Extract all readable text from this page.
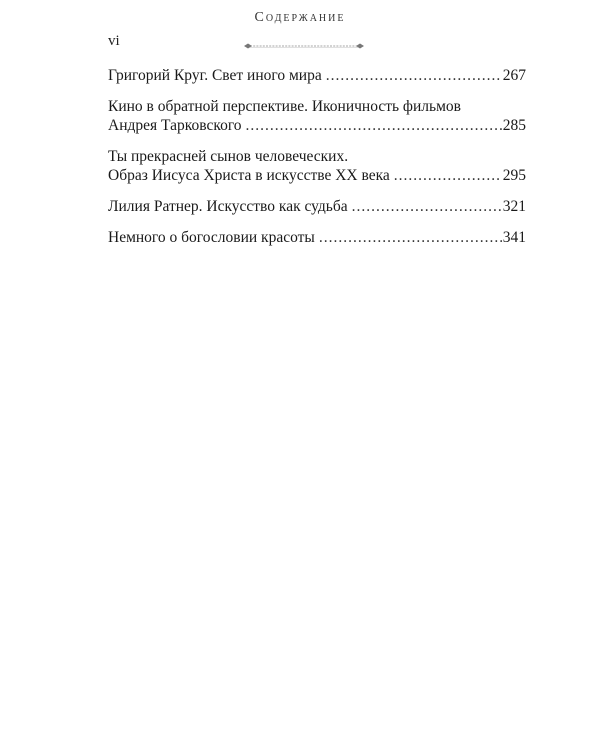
Содержание
vi
Григорий Круг. Свет иного мира .....	267
Кино в обратной перспективе. Иконичность фильмов
Андрея Тарковского .....	285
Ты прекрасней сынов человеческих.
Образ Иисуса Христа в искусстве ХХ века .....	295
Лилия Ратнер. Искусство как судьба .....	321
Немного о богословии красоты .....	341
